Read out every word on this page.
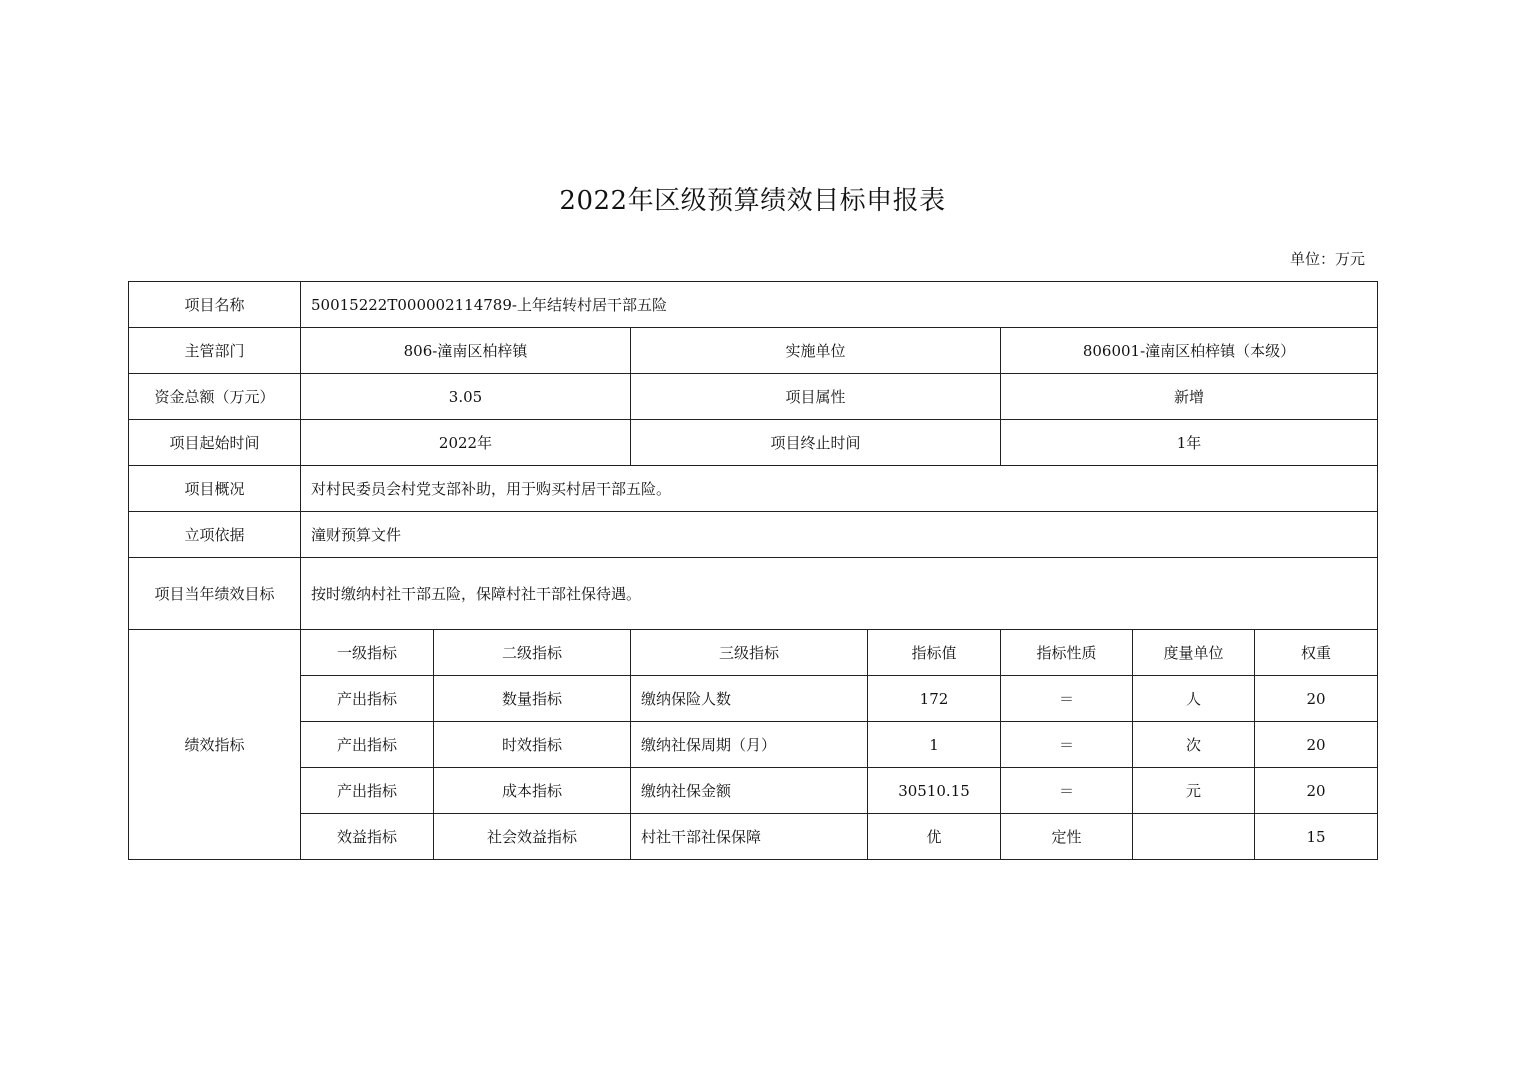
2022年区级预算绩效目标申报表
单位：万元
项目名称	50015222T000002114789-上年结转村居干部五险						
主管部门	806-潼南区柏梓镇		实施单位		806001-潼南区柏梓镇（本级）		
资金总额（万元）	3.05		项目属性		新增		
项目起始时间	2022年		项目终止时间		1年		
项目概况	对村民委员会村党支部补助，用于购买村居干部五险。						
立项依据	潼财预算文件						
项目当年绩效目标	按时缴纳村社干部五险，保障村社干部社保待遇。						
绩效指标	一级指标	二级指标	三级指标	指标值	指标性质	度量单位	权重
	产出指标	数量指标	缴纳保险人数	172	＝	人	20
	产出指标	时效指标	缴纳社保周期（月）	1	＝	次	20
	产出指标	成本指标	缴纳社保金额	30510.15	＝	元	20
	效益指标	社会效益指标	村社干部社保保障	优	定性		15
